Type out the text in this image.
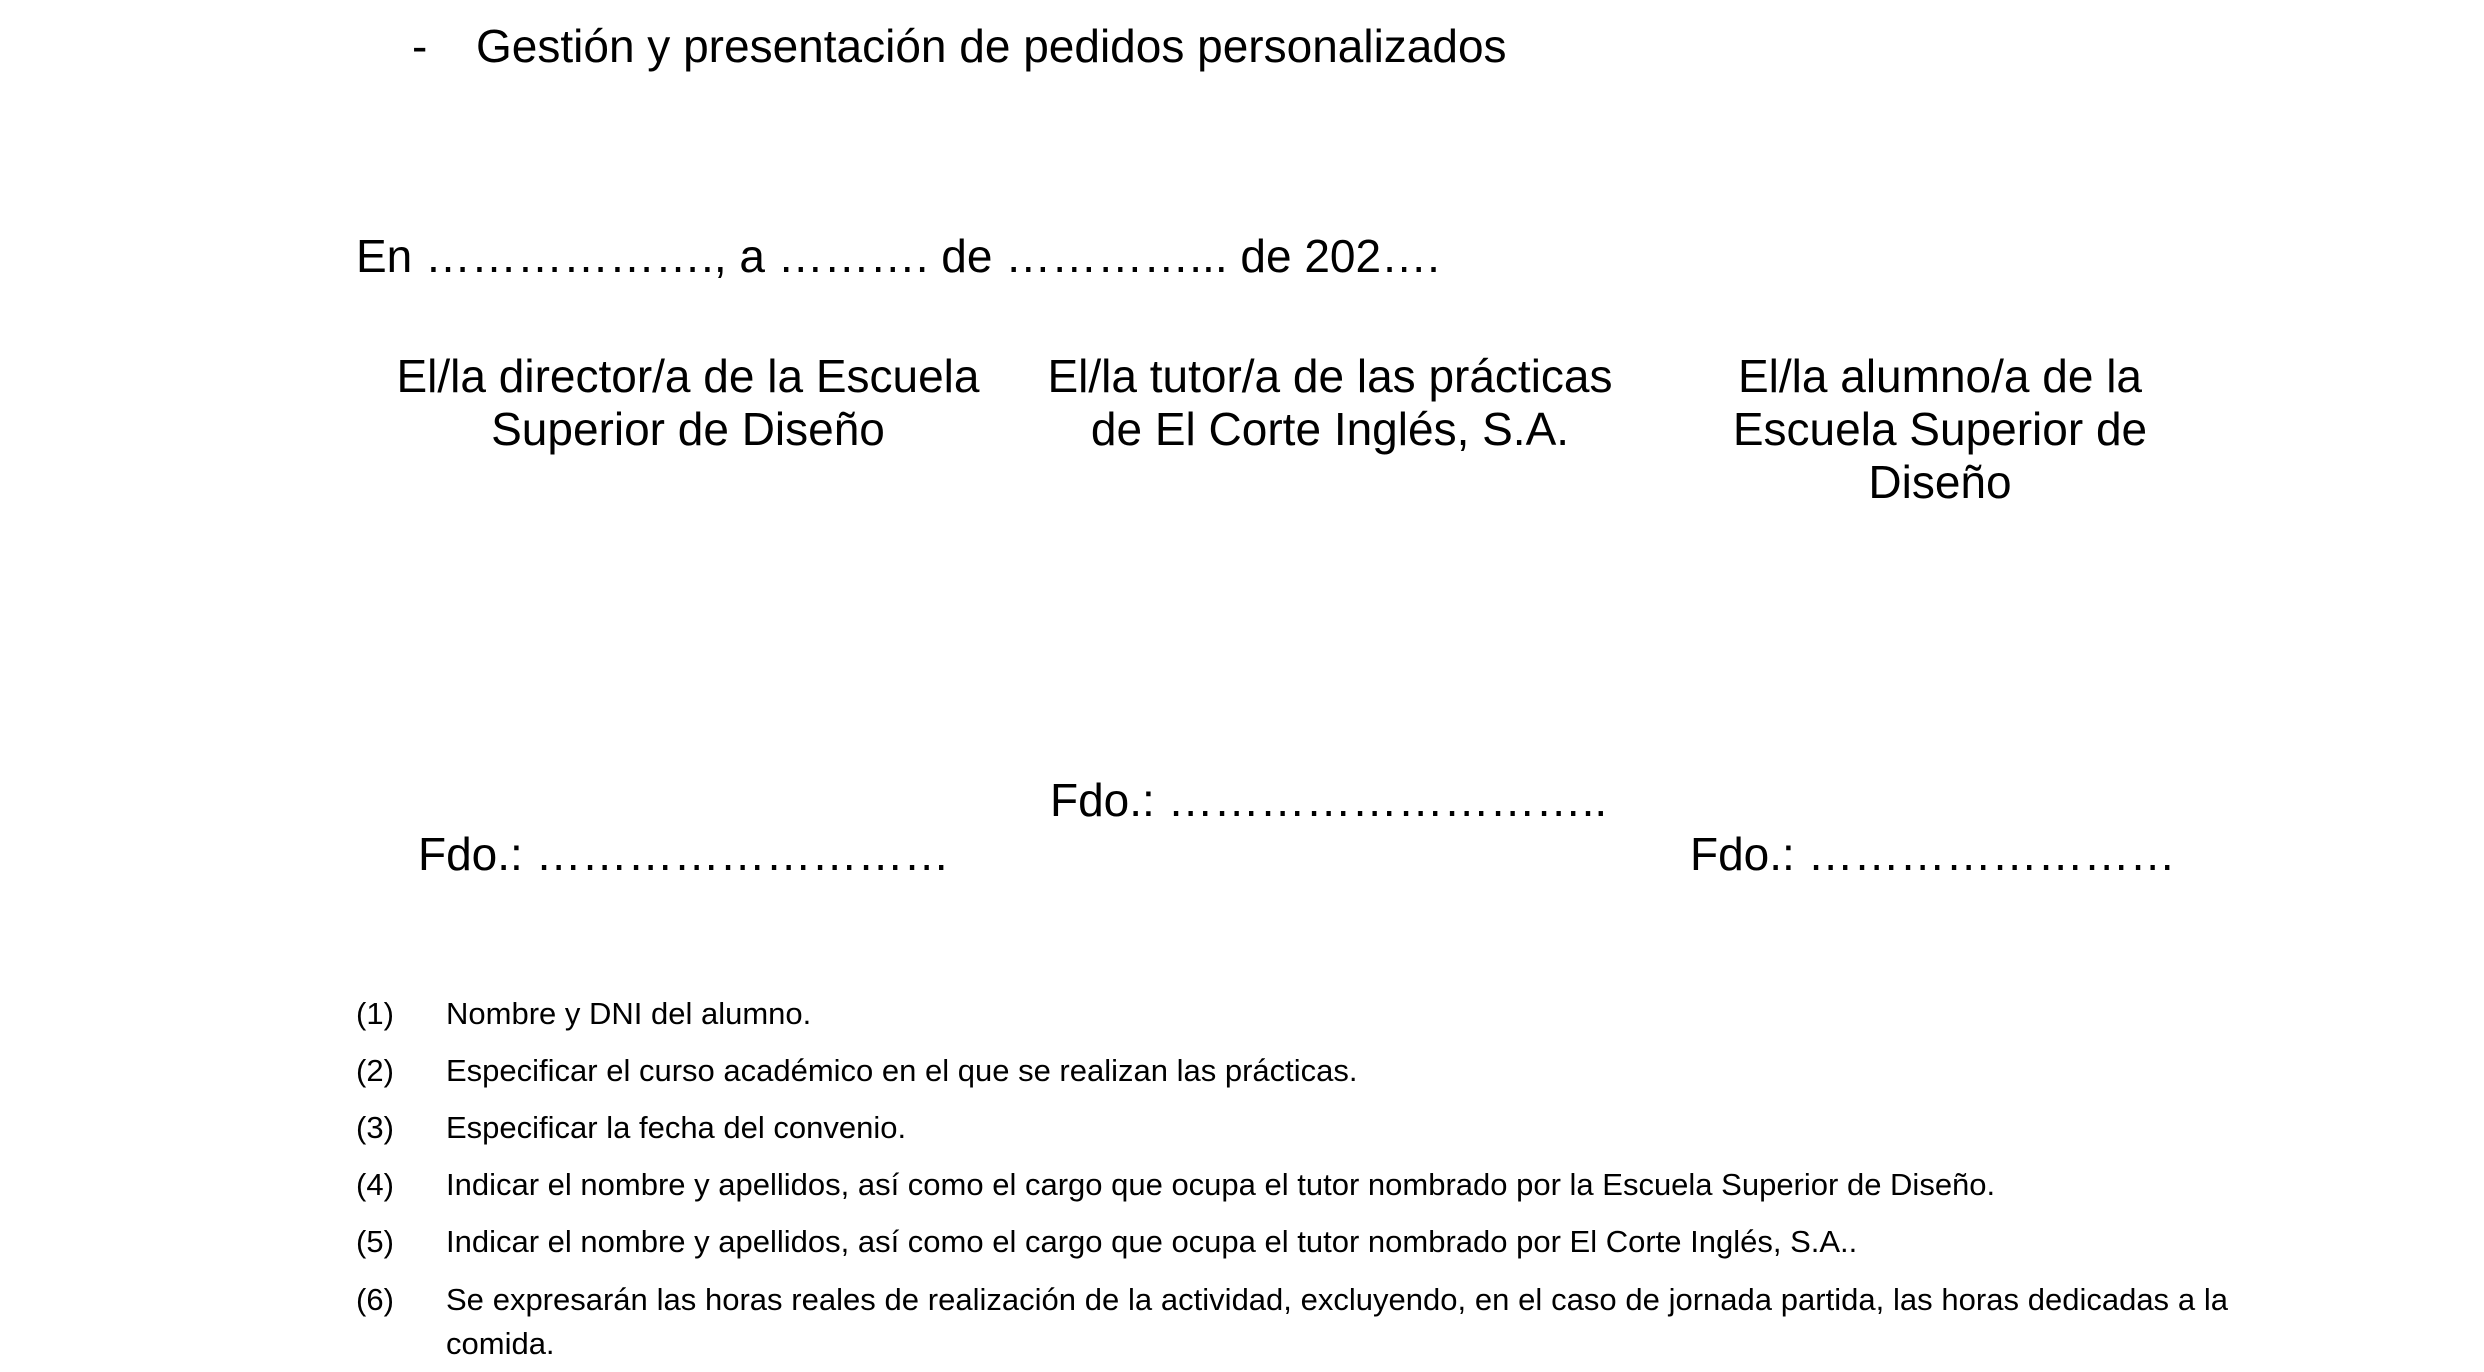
- Gestión y presentación de pedidos personalizados
En ………………., a ………. de …………... de 202….
El/la director/a de la Escuela Superior de Diseño
El/la tutor/a de las prácticas de El Corte Inglés, S.A.
El/la alumno/a de la Escuela Superior de Diseño
Fdo.: ………………………
Fdo.: ………………………..
Fdo.: ……………………
(1)	Nombre y DNI del alumno.
(2)	Especificar el curso académico en el que se realizan las prácticas.
(3)	Especificar la fecha del convenio.
(4)	Indicar el nombre y apellidos, así como el cargo que ocupa el tutor nombrado por la Escuela Superior de Diseño.
(5)	Indicar el nombre y apellidos, así como el cargo que ocupa el tutor nombrado por El Corte Inglés, S.A..
(6)	Se expresarán las horas reales de realización de la actividad, excluyendo, en el caso de jornada partida, las horas dedicadas a la comida.
